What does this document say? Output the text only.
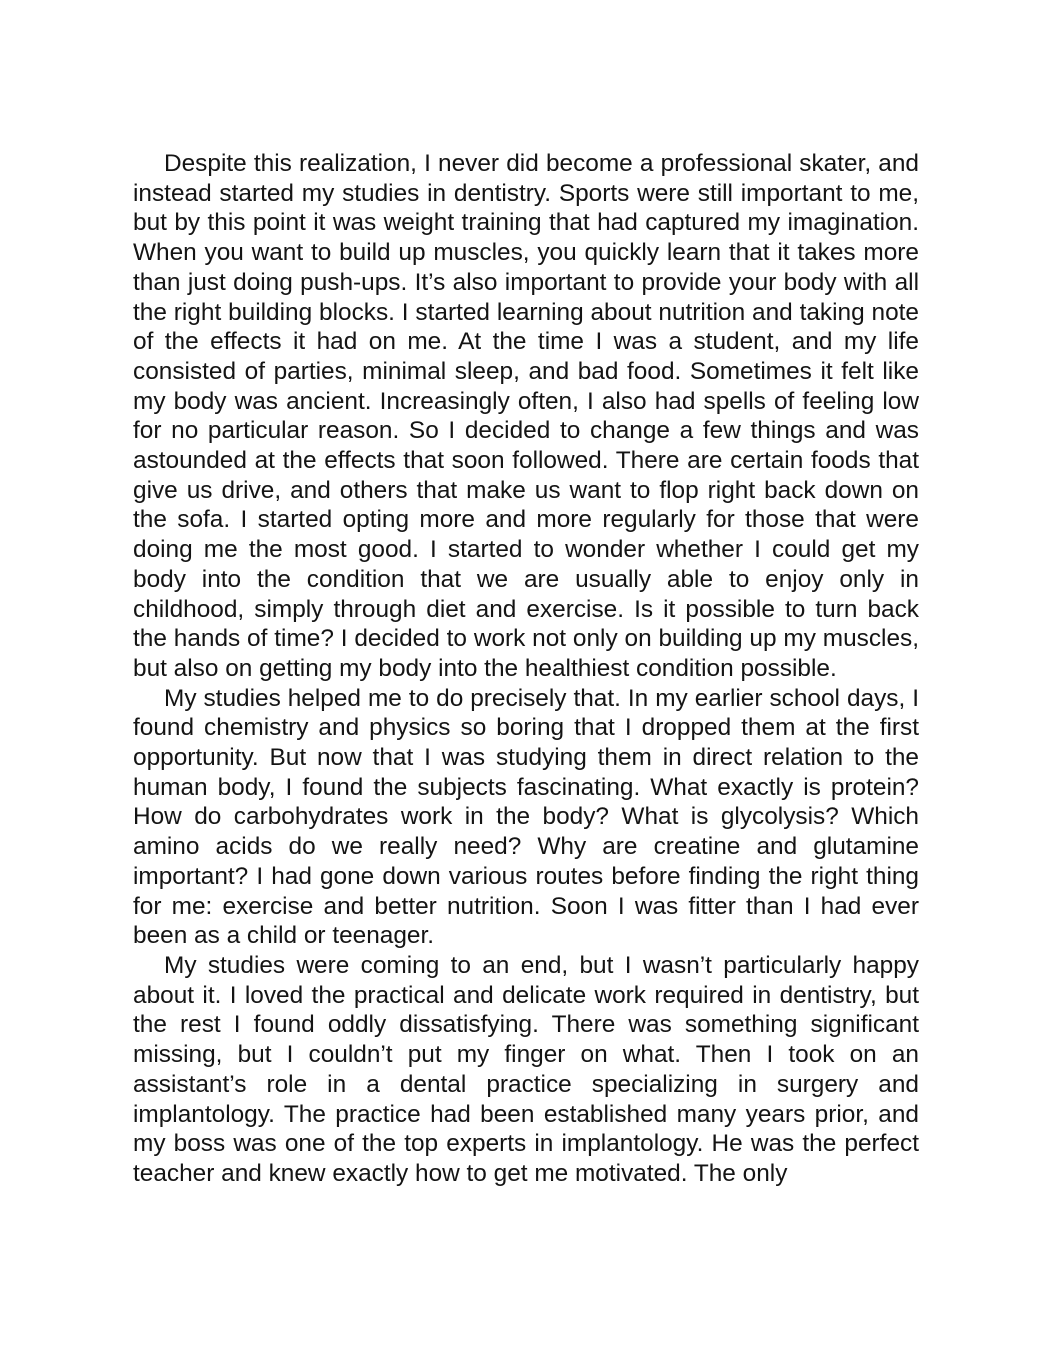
Despite this realization, I never did become a professional skater, and instead started my studies in dentistry. Sports were still important to me, but by this point it was weight training that had captured my imagination. When you want to build up muscles, you quickly learn that it takes more than just doing push-ups. It’s also important to provide your body with all the right building blocks. I started learning about nutrition and taking note of the effects it had on me. At the time I was a student, and my life consisted of parties, minimal sleep, and bad food. Sometimes it felt like my body was ancient. Increasingly often, I also had spells of feeling low for no particular reason. So I decided to change a few things and was astounded at the effects that soon followed. There are certain foods that give us drive, and others that make us want to flop right back down on the sofa. I started opting more and more regularly for those that were doing me the most good. I started to wonder whether I could get my body into the condition that we are usually able to enjoy only in childhood, simply through diet and exercise. Is it possible to turn back the hands of time? I decided to work not only on building up my muscles, but also on getting my body into the healthiest condition possible.

My studies helped me to do precisely that. In my earlier school days, I found chemistry and physics so boring that I dropped them at the first opportunity. But now that I was studying them in direct relation to the human body, I found the subjects fascinating. What exactly is protein? How do carbohydrates work in the body? What is glycolysis? Which amino acids do we really need? Why are creatine and glutamine important? I had gone down various routes before finding the right thing for me: exercise and better nutrition. Soon I was fitter than I had ever been as a child or teenager.

My studies were coming to an end, but I wasn’t particularly happy about it. I loved the practical and delicate work required in dentistry, but the rest I found oddly dissatisfying. There was something significant missing, but I couldn’t put my finger on what. Then I took on an assistant’s role in a dental practice specializing in surgery and implantology. The practice had been established many years prior, and my boss was one of the top experts in implantology. He was the perfect teacher and knew exactly how to get me motivated. The only
